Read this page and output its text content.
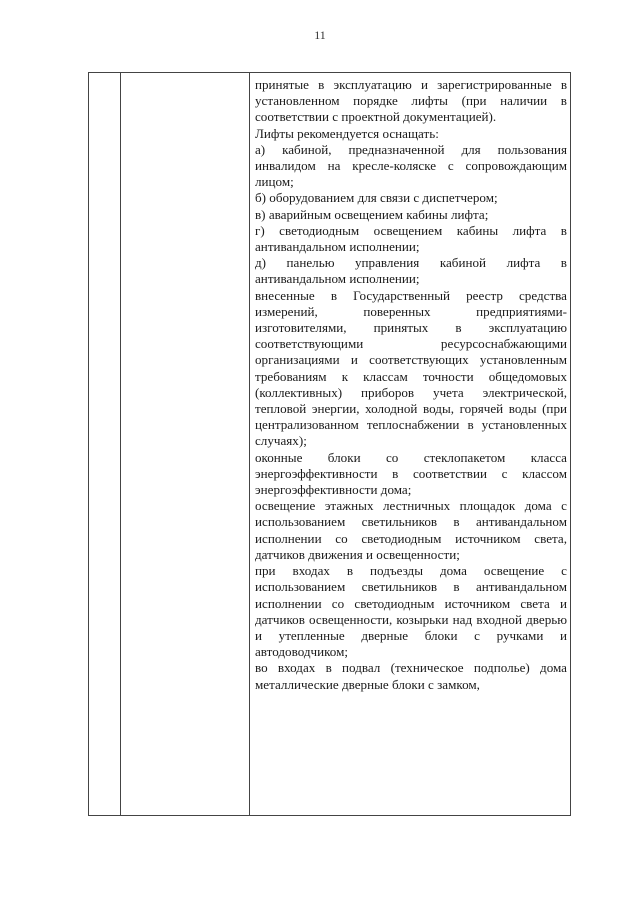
11

принятые в эксплуатацию и зарегистрированные в установленном порядке лифты (при наличии в соответствии с проектной документацией).

Лифты рекомендуется оснащать:

а) кабиной, предназначенной для пользования инвалидом на кресле-коляске с сопровождающим лицом;

б) оборудованием для связи с диспетчером;

в) аварийным освещением кабины лифта;

г) светодиодным освещением кабины лифта в антивандальном исполнении;

д) панелью управления кабиной лифта в антивандальном исполнении;

внесенные в Государственный реестр средства измерений, поверенных предприятиями-изготовителями, принятых в эксплуатацию соответствующими ресурсоснабжающими организациями и соответствующих установленным требованиям к классам точности общедомовых (коллективных) приборов учета электрической, тепловой энергии, холодной воды, горячей воды (при централизованном теплоснабжении в установленных случаях);

оконные блоки со стеклопакетом класса энергоэффективности в соответствии с классом энергоэффективности дома;

освещение этажных лестничных площадок дома с использованием светильников в антивандальном исполнении со светодиодным источником света, датчиков движения и освещенности;

при входах в подъезды дома освещение с использованием светильников в антивандальном исполнении со светодиодным источником света и датчиков освещенности, козырьки над входной дверью и утепленные дверные блоки с ручками и автодоводчиком;

во входах в подвал (техническое подполье) дома металлические дверные блоки с замком,
